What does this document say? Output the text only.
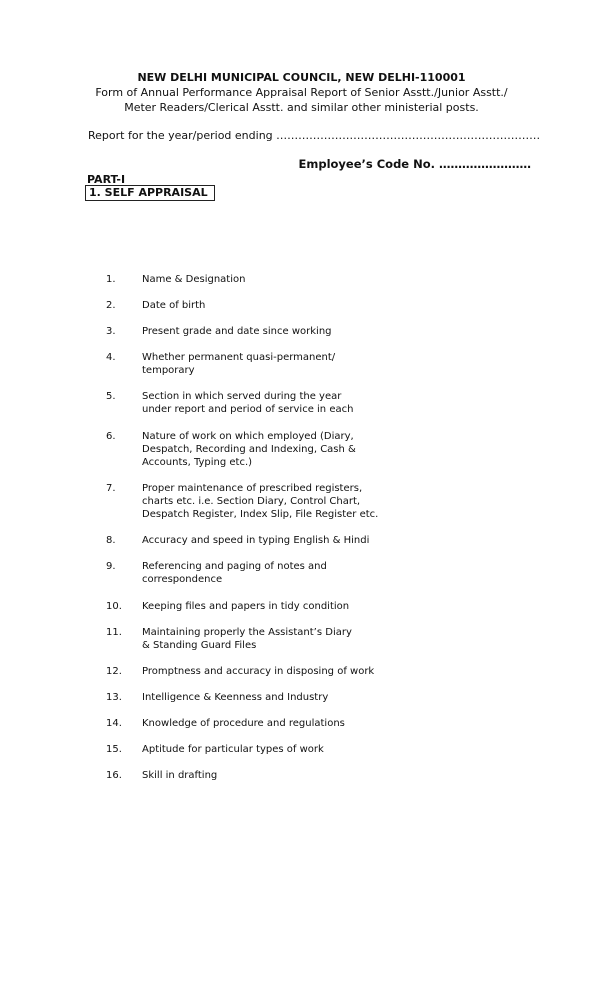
NEW DELHI MUNICIPAL COUNCIL, NEW DELHI-110001
Form of Annual Performance Appraisal Report of Senior Asstt./Junior Asstt./
Meter Readers/Clerical Asstt. and similar other ministerial posts.
Report for the year/period ending ………………………………………………………………
Employee’s Code No. ……………………
PART-I
1. SELF APPRAISAL
1.	Name & Designation
2.	Date of birth
3.	Present grade and date since working
4.	Whether permanent quasi-permanent/
temporary
5.	Section in which served during the year
under report and period of service in each
6.	Nature of work on which employed (Diary,
Despatch, Recording and Indexing, Cash &
Accounts, Typing etc.)
7.	Proper maintenance of prescribed registers,
charts etc. i.e. Section Diary, Control Chart,
Despatch Register, Index Slip, File Register etc.
8.	Accuracy and speed in typing English & Hindi
9.	Referencing and paging of notes and
correspondence
10. Keeping files and papers in tidy condition
11. Maintaining properly the Assistant’s Diary
& Standing Guard Files
12. Promptness and accuracy in disposing of work
13. Intelligence & Keenness and Industry
14. Knowledge of procedure and regulations
15. Aptitude for particular types of work
16. Skill in drafting
